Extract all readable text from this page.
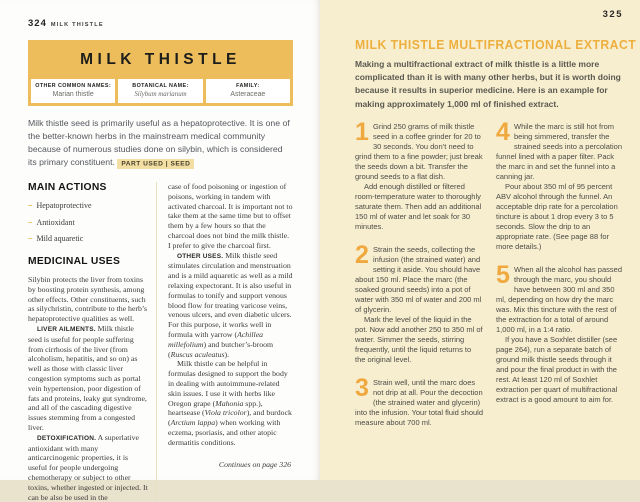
324 MILK THISTLE
MILK THISTLE
OTHER COMMON NAMES:
Marian thistle
BOTANICAL NAME:
Silybum marianum
FAMILY:
Asteraceae

Milk thistle seed is primarily useful as a hepatoprotective. It is one of the better-known herbs in the mainstream medical community because of numerous studies done on silybin, which is considered its primary constituent. PART USED | SEED

MAIN ACTIONS
– Hepatoprotective
– Antioxidant
– Mild aquaretic
MEDICINAL USES

Silybin protects the liver from toxins by boosting protein synthesis, among other effects. Other constituents, such as silychristin, contribute to the herb’s hepatoprotective qualities as well.

LIVER AILMENTS. Milk thistle seed is useful for people suffering from cirrhosis of the liver (from alcoholism, hepatitis, and so on) as well as those with classic liver congestion symptoms such as portal vein hypertension, poor digestion of fats and proteins, leaky gut syndrome, and all of the cascading digestive issues stemming from a congested liver.

DETOXIFICATION. A superlative antioxidant with many anticarcinogenic properties, it is useful for people undergoing chemotherapy or subject to other toxins, whether ingested or injected. It can be also be used in the

case of food poisoning or ingestion of poisons, working in tandem with activated charcoal. It is important not to take them at the same time but to offset them by a few hours so that the charcoal does not bind the milk thistle. I prefer to give the charcoal first.

OTHER USES. Milk thistle seed stimulates circulation and menstruation and is a mild aquaretic as well as a mild relaxing expectorant. It is also useful in formulas to tonify and support venous blood flow for treating varicose veins, venous ulcers, and even diabetic ulcers. For this purpose, it works well in formula with yarrow (Achillea millefolium) and butcher’s-broom (Ruscus aculeatus).

Milk thistle can be helpful in formulas designed to support the body in dealing with autoimmune-related skin issues. I use it with herbs like Oregon grape (Mahonia spp.), heartsease (Viola tricolor), and burdock (Arctium lappa) when working with eczema, psoriasis, and other atopic dermatitis conditions.

Continues on page 326

325
MILK THISTLE MULTIFRACTIONAL EXTRACT

Making a multifractional extract of milk thistle is a little more complicated than it is with many other herbs, but it is worth doing because it results in superior medicine. Here is an example for making approximately 1,000 ml of finished extract.

1 Grind 250 grams of milk thistle seed in a coffee grinder for 20 to 30 seconds. You don’t need to grind them to a fine powder; just break the seeds down a bit. Transfer the ground seeds to a flat dish.

Add enough distilled or filtered room-temperature water to thoroughly saturate them. Then add an additional 150 ml of water and let soak for 30 minutes.

2 Strain the seeds, collecting the infusion (the strained water) and setting it aside. You should have about 150 ml. Place the marc (the soaked ground seeds) into a pot of water with 350 ml of water and 200 ml of glycerin.

Mark the level of the liquid in the pot. Now add another 250 to 350 ml of water. Simmer the seeds, stirring frequently, until the liquid returns to the original level.

3 Strain well, until the marc does not drip at all. Pour the decoction (the strained water and glycerin) into the infusion. Your total fluid should measure about 700 ml.

4 While the marc is still hot from being simmered, transfer the strained seeds into a percolation funnel lined with a paper filter. Pack the marc in and set the funnel into a canning jar.

Pour about 350 ml of 95 percent ABV alcohol through the funnel. An acceptable drip rate for a percolation tincture is about 1 drop every 3 to 5 seconds. Slow the drip to an appropriate rate. (See page 88 for more details.)

5 When all the alcohol has passed through the marc, you should have between 300 ml and 350 ml, depending on how dry the marc was. Mix this tincture with the rest of the extraction for a total of around 1,000 ml, in a 1:4 ratio.

If you have a Soxhlet distiller (see page 264), run a separate batch of ground milk thistle seeds through it and pour the final product in with the rest. At least 120 ml of Soxhlet extraction per quart of multifractional extract is a good amount to aim for.
